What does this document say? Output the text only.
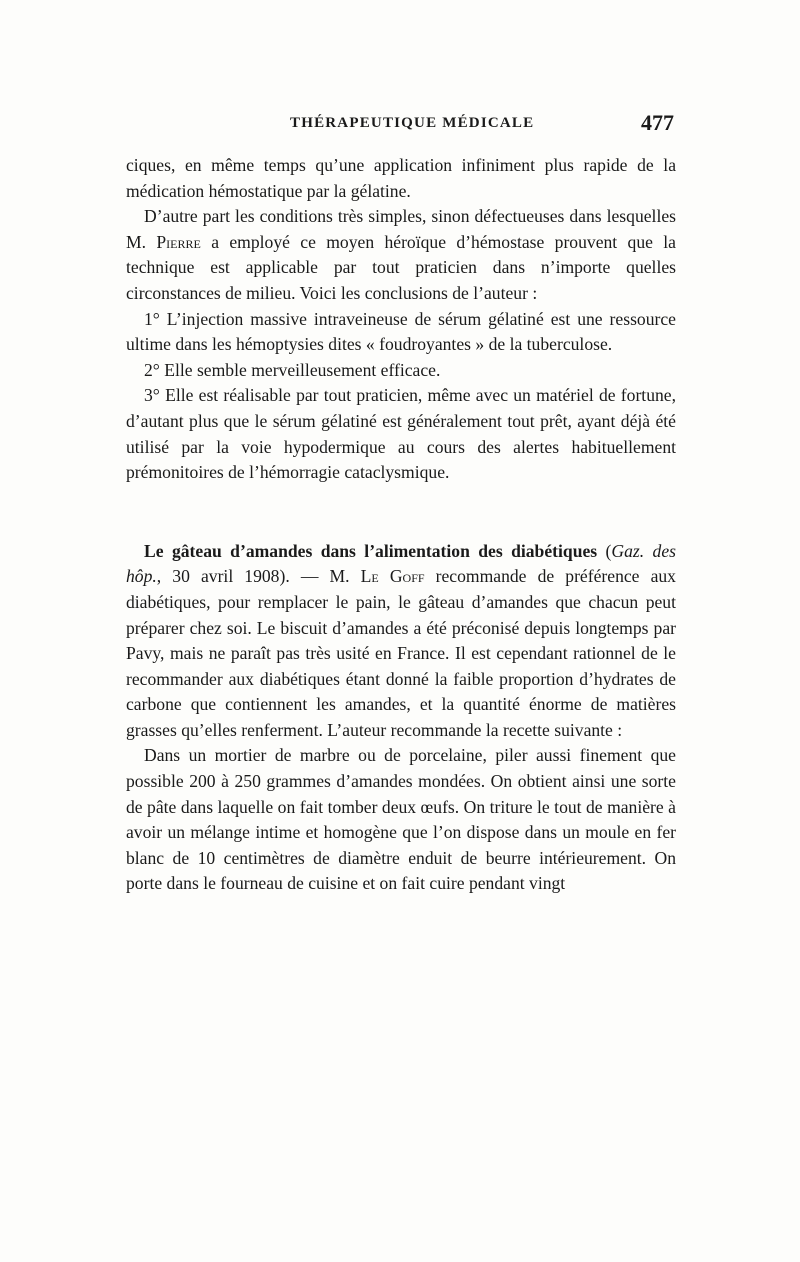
THÉRAPEUTIQUE MÉDICALE	477

ciques, en même temps qu’une application infiniment plus rapide de la médication hémostatique par la gélatine.

D’autre part les conditions très simples, sinon défectueuses dans lesquelles M. Pierre a employé ce moyen héroïque d’hémostase prouvent que la technique est applicable par tout praticien dans n’importe quelles circonstances de milieu. Voici les conclusions de l’auteur :

1° L’injection massive intraveineuse de sérum gélatiné est une ressource ultime dans les hémoptysies dites « foudroyantes » de la tuberculose.

2° Elle semble merveilleusement efficace.

3° Elle est réalisable par tout praticien, même avec un matériel de fortune, d’autant plus que le sérum gélatiné est généralement tout prêt, ayant déjà été utilisé par la voie hypodermique au cours des alertes habituellement prémonitoires de l’hémorragie cataclysmique.

Le gâteau d’amandes dans l’alimentation des diabétiques (Gaz. des hôp., 30 avril 1908). — M. Le Goff recommande de préférence aux diabétiques, pour remplacer le pain, le gâteau d’amandes que chacun peut préparer chez soi. Le biscuit d’amandes a été préconisé depuis longtemps par Pavy, mais ne paraît pas très usité en France. Il est cependant rationnel de le recommander aux diabétiques étant donné la faible proportion d’hydrates de carbone que contiennent les amandes, et la quantité énorme de matières grasses qu’elles renferment. L’auteur recommande la recette suivante :

Dans un mortier de marbre ou de porcelaine, piler aussi finement que possible 200 à 250 grammes d’amandes mondées. On obtient ainsi une sorte de pâte dans laquelle on fait tomber deux œufs. On triture le tout de manière à avoir un mélange intime et homogène que l’on dispose dans un moule en fer blanc de 10 centimètres de diamètre enduit de beurre intérieurement. On porte dans le fourneau de cuisine et on fait cuire pendant vingt
